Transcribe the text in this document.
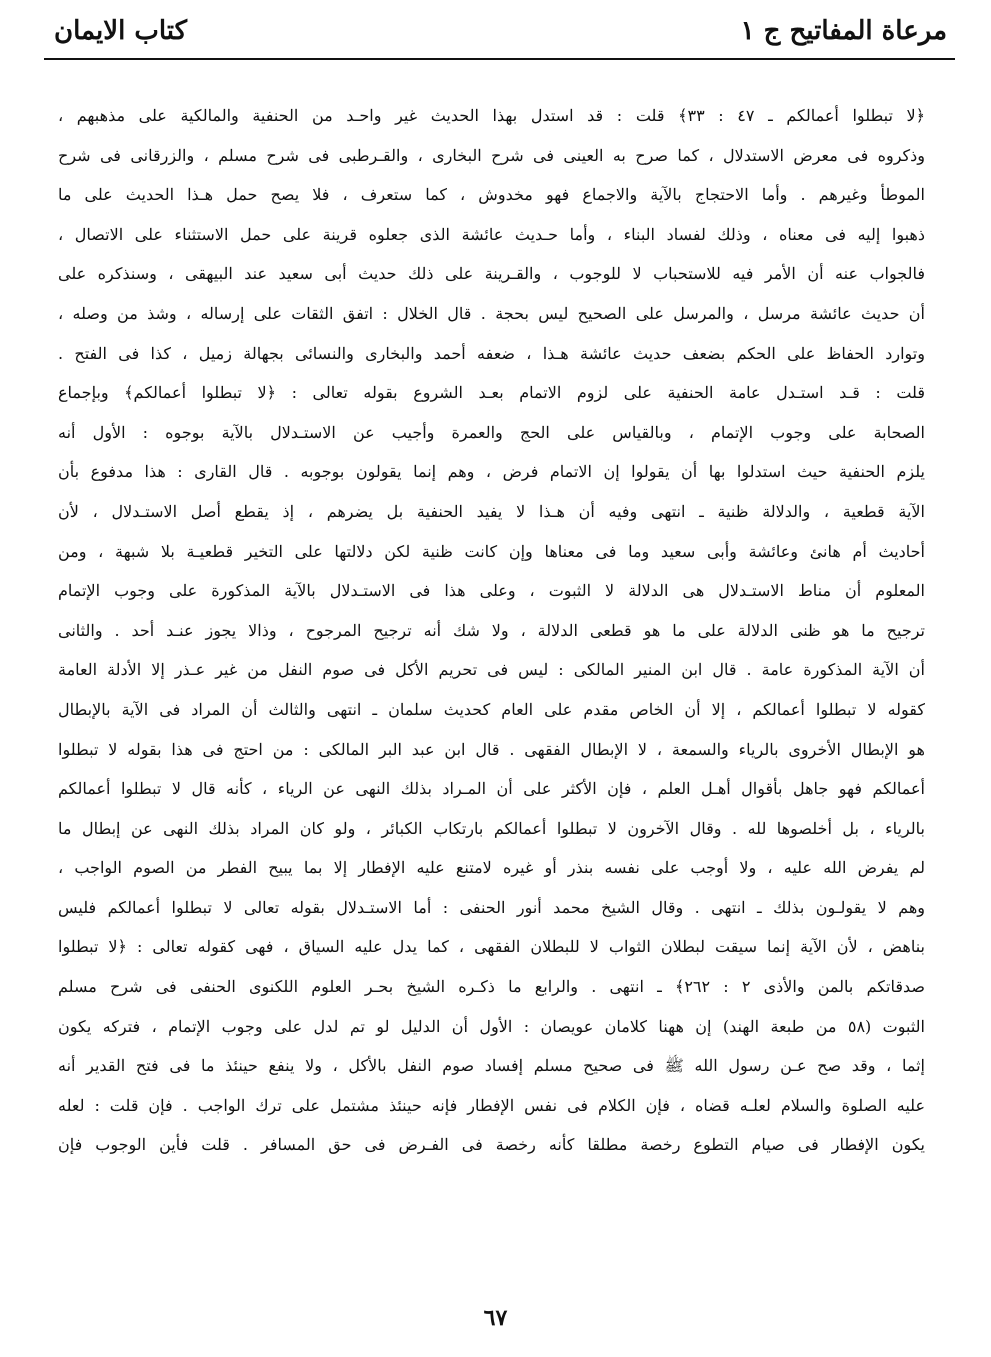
مرعاة المفاتيح ج ١
كتاب الايمان
﴿لا تبطلوا أعمالكم ـ ٤٧ : ٣٣﴾ قلت : قد استدل بهذا الحديث غير واحـد من الحنفية والمالكية على مذهبهم ،
وذكروه فى معرض الاستدلال ، كما صرح به العينى فى شرح البخارى ، والقـرطبى فى شرح مسلم ، والزرقانى فى شرح
الموطأ وغيرهم . وأما الاحتجاج بالآية والاجماع فهو مخدوش ، كما ستعرف ، فلا يصح حمل هـذا الحديث على ما
ذهبوا إليه فى معناه ، وذلك لفساد البناء ، وأما حـديث عائشة الذى جعلوه قرينة على حمل الاستثناء على الاتصال ،
فالجواب عنه أن الأمر فيه للاستحباب لا للوجوب ، والقـرينة على ذلك حديث أبى سعيد عند البيهقى ، وسنذكره على
أن حديث عائشة مرسل ، والمرسل على الصحيح ليس بحجة . قال الخلال : اتفق الثقات على إرساله ، وشذ من وصله ،
وتوارد الحفاظ على الحكم بضعف حديث عائشة هـذا ، ضعفه أحمد والبخارى والنسائى بجهالة زميل ، كذا فى الفتح .
قلت : قـد استـدل عامة الحنفية على لزوم الاتمام بعـد الشروع بقوله تعالى : ﴿لا تبطلوا أعمالكم﴾ وبإجماع
الصحابة على وجوب الإتمام ، وبالقياس على الحج والعمرة وأجيب عن الاستـدلال بالآية بوجوه : الأول أنه
يلزم الحنفية حيث استدلوا بها أن يقولوا إن الاتمام فرض ، وهم إنما يقولون بوجوبه . قال القارى : هذا مدفوع بأن
الآية قطعية ، والدلالة ظنية ـ انتهى وفيه أن هـذا لا يفيد الحنفية بل يضرهم ، إذ يقطع أصل الاستـدلال ، لأن
أحاديث أم هانئ وعائشة وأبى سعيد وما فى معناها وإن كانت ظنية لكن دلالتها على التخير قطعيـة بلا شبهة ، ومن
المعلوم أن مناط الاستـدلال هى الدلالة لا الثبوت ، وعلى هذا فى الاستـدلال بالآية المذكورة على وجوب الإتمام
ترجيح ما هو ظنى الدلالة على ما هو قطعى الدلالة ، ولا شك أنه ترجيح المرجوح ، وذالا يجوز عنـد أحد . والثانى
أن الآية المذكورة عامة . قال ابن المنير المالكى : ليس فى تحريم الأكل فى صوم النفل من غير عـذر إلا الأدلة العامة
كقوله لا تبطلوا أعمالكم ، إلا أن الخاص مقدم على العام كحديث سلمان ـ انتهى والثالث أن المراد فى الآية بالإبطال
هو الإبطال الأخروى بالرياء والسمعة ، لا الإبطال الفقهى . قال ابن عبد البر المالكى : من احتج فى هذا بقوله لا تبطلوا
أعمالكم فهو جاهل بأقوال أهـل العلم ، فإن الأكثر على أن المـراد بذلك النهى عن الرياء ، كأنه قال لا تبطلوا أعمالكم
بالرياء ، بل أخلصوها لله . وقال الآخرون لا تبطلوا أعمالكم بارتكاب الكبائر ، ولو كان المراد بذلك النهى عن إبطال ما
لم يفرض الله عليه ، ولا أوجب على نفسه بنذر أو غيره لامتنع عليه الإفطار إلا بما يبيح الفطر من الصوم الواجب ،
وهم لا يقولـون بذلك ـ انتهى . وقال الشيخ محمد أنور الحنفى : أما الاستـدلال بقوله تعالى لا تبطلوا أعمالكم فليس
بناهض ، لأن الآية إنما سيقت لبطلان الثواب لا للبطلان الفقهى ، كما يدل عليه السياق ، فهى كقوله تعالى : ﴿لا تبطلوا
صدقاتكم بالمن والأذى ٢ : ٢٦٢﴾ ـ انتهى . والرابع ما ذكـره الشيخ بحـر العلوم اللكنوى الحنفى فى شرح مسلم
الثبوت (٥٨ من طبعة الهند) إن ههنا كلامان عويصان : الأول أن الدليل لو تم لدل على وجوب الإتمام ، فتركه يكون
إثما ، وقد صح عـن رسول الله ﷺ فى صحيح مسلم إفساد صوم النفل بالأكل ، ولا ينفع حينئذ ما فى فتح القدير أنه
عليه الصلوة والسلام لعلـه قضاه ، فإن الكلام فى نفس الإفطار فإنه حينئذ مشتمل على ترك الواجب . فإن قلت : لعله
يكون الإفطار فى صيام التطوع رخصة مطلقا كأنه رخصة فى الفـرض فى حق المسافر . قلت فأين الوجوب فإن
٦٧
